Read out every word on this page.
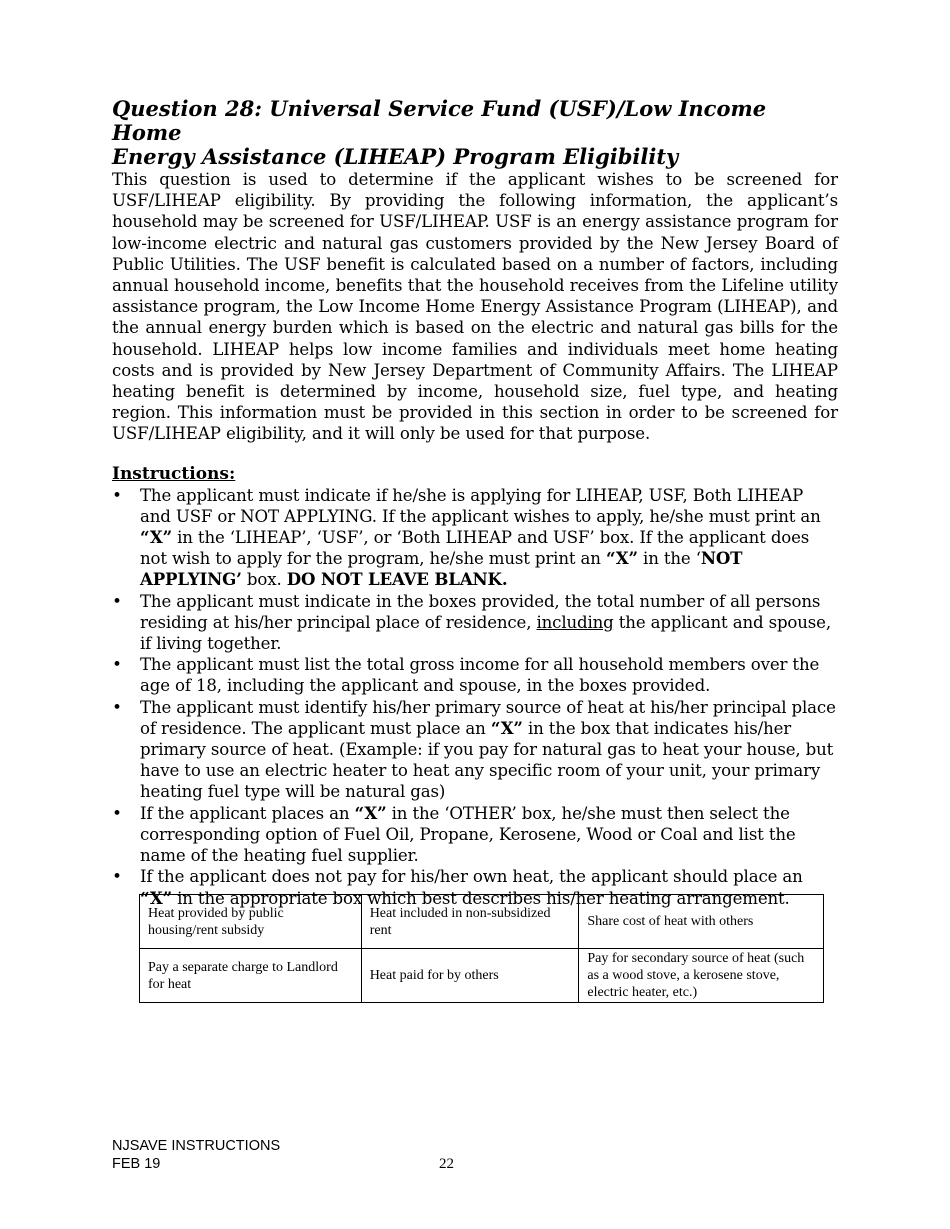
Question 28: Universal Service Fund (USF)/Low Income Home
Energy Assistance (LIHEAP) Program Eligibility

This question is used to determine if the applicant wishes to be screened for USF/LIHEAP eligibility. By providing the following information, the applicant’s household may be screened for USF/LIHEAP. USF is an energy assistance program for low-income electric and natural gas customers provided by the New Jersey Board of Public Utilities. The USF benefit is calculated based on a number of factors, including annual household income, benefits that the household receives from the Lifeline utility assistance program, the Low Income Home Energy Assistance Program (LIHEAP), and the annual energy burden which is based on the electric and natural gas bills for the household. LIHEAP helps low income families and individuals meet home heating costs and is provided by New Jersey Department of Community Affairs. The LIHEAP heating benefit is determined by income, household size, fuel type, and heating region. This information must be provided in this section in order to be screened for USF/LIHEAP eligibility, and it will only be used for that purpose.

Instructions:
• The applicant must indicate if he/she is applying for LIHEAP, USF, Both LIHEAP and USF or NOT APPLYING. If the applicant wishes to apply, he/she must print an “X” in the ‘LIHEAP’, ‘USF’, or ‘Both LIHEAP and USF’ box. If the applicant does not wish to apply for the program, he/she must print an “X” in the ‘NOT APPLYING’ box. DO NOT LEAVE BLANK.
• The applicant must indicate in the boxes provided, the total number of all persons residing at his/her principal place of residence, including the applicant and spouse, if living together.
• The applicant must list the total gross income for all household members over the age of 18, including the applicant and spouse, in the boxes provided.
• The applicant must identify his/her primary source of heat at his/her principal place of residence. The applicant must place an “X” in the box that indicates his/her primary source of heat. (Example: if you pay for natural gas to heat your house, but have to use an electric heater to heat any specific room of your unit, your primary heating fuel type will be natural gas)
• If the applicant places an “X” in the ‘OTHER’ box, he/she must then select the corresponding option of Fuel Oil, Propane, Kerosene, Wood or Coal and list the name of the heating fuel supplier.
• If the applicant does not pay for his/her own heat, the applicant should place an “X” in the appropriate box which best describes his/her heating arrangement.
Heat provided by public housing/rent subsidy	Heat included in non-subsidized rent	Share cost of heat with others
Pay a separate charge to Landlord for heat	Heat paid for by others	Pay for secondary source of heat (such as a wood stove, a kerosene stove, electric heater, etc.)
NJSAVE INSTRUCTIONS
FEB 19	22
